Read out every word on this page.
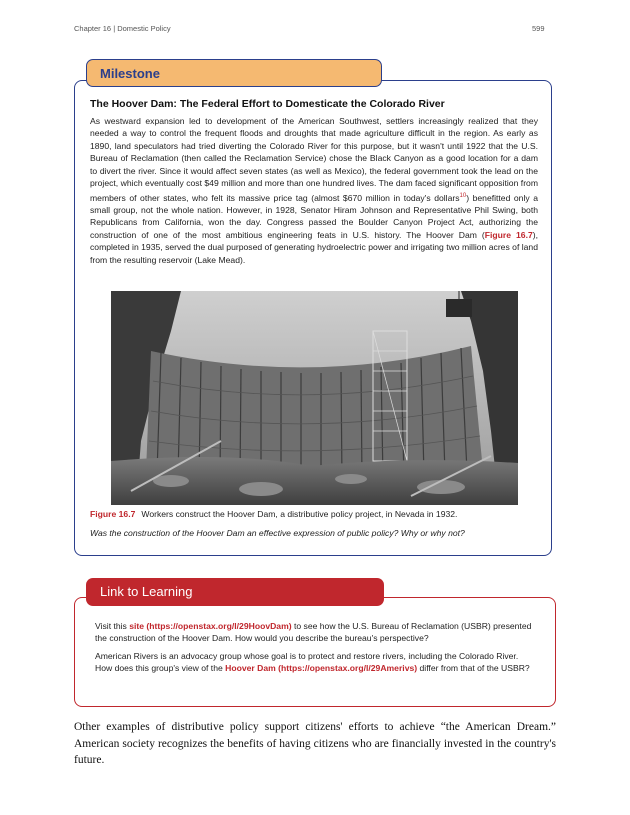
Chapter 16 | Domestic Policy	599
Milestone
The Hoover Dam: The Federal Effort to Domesticate the Colorado River
As westward expansion led to development of the American Southwest, settlers increasingly realized that they needed a way to control the frequent floods and droughts that made agriculture difficult in the region. As early as 1890, land speculators had tried diverting the Colorado River for this purpose, but it wasn't until 1922 that the U.S. Bureau of Reclamation (then called the Reclamation Service) chose the Black Canyon as a good location for a dam to divert the river. Since it would affect seven states (as well as Mexico), the federal government took the lead on the project, which eventually cost $49 million and more than one hundred lives. The dam faced significant opposition from members of other states, who felt its massive price tag (almost $670 million in today's dollars$^{10}$) benefitted only a small group, not the whole nation. However, in 1928, Senator Hiram Johnson and Representative Phil Swing, both Republicans from California, won the day. Congress passed the Boulder Canyon Project Act, authorizing the construction of one of the most ambitious engineering feats in U.S. history. The Hoover Dam (Figure 16.7), completed in 1935, served the dual purposed of generating hydroelectric power and irrigating two million acres of land from the resulting reservoir (Lake Mead).
Figure 16.7 Workers construct the Hoover Dam, a distributive policy project, in Nevada in 1932.
Was the construction of the Hoover Dam an effective expression of public policy? Why or why not?
Link to Learning
Visit this site (https://openstax.org/l/29HoovDam) to see how the U.S. Bureau of Reclamation (USBR) presented the construction of the Hoover Dam. How would you describe the bureau's perspective?
American Rivers is an advocacy group whose goal is to protect and restore rivers, including the Colorado River. How does this group's view of the Hoover Dam (https://openstax.org/l/29Amerivs) differ from that of the USBR?
Other examples of distributive policy support citizens' efforts to achieve “the American Dream.” American society recognizes the benefits of having citizens who are financially invested in the country's future.
